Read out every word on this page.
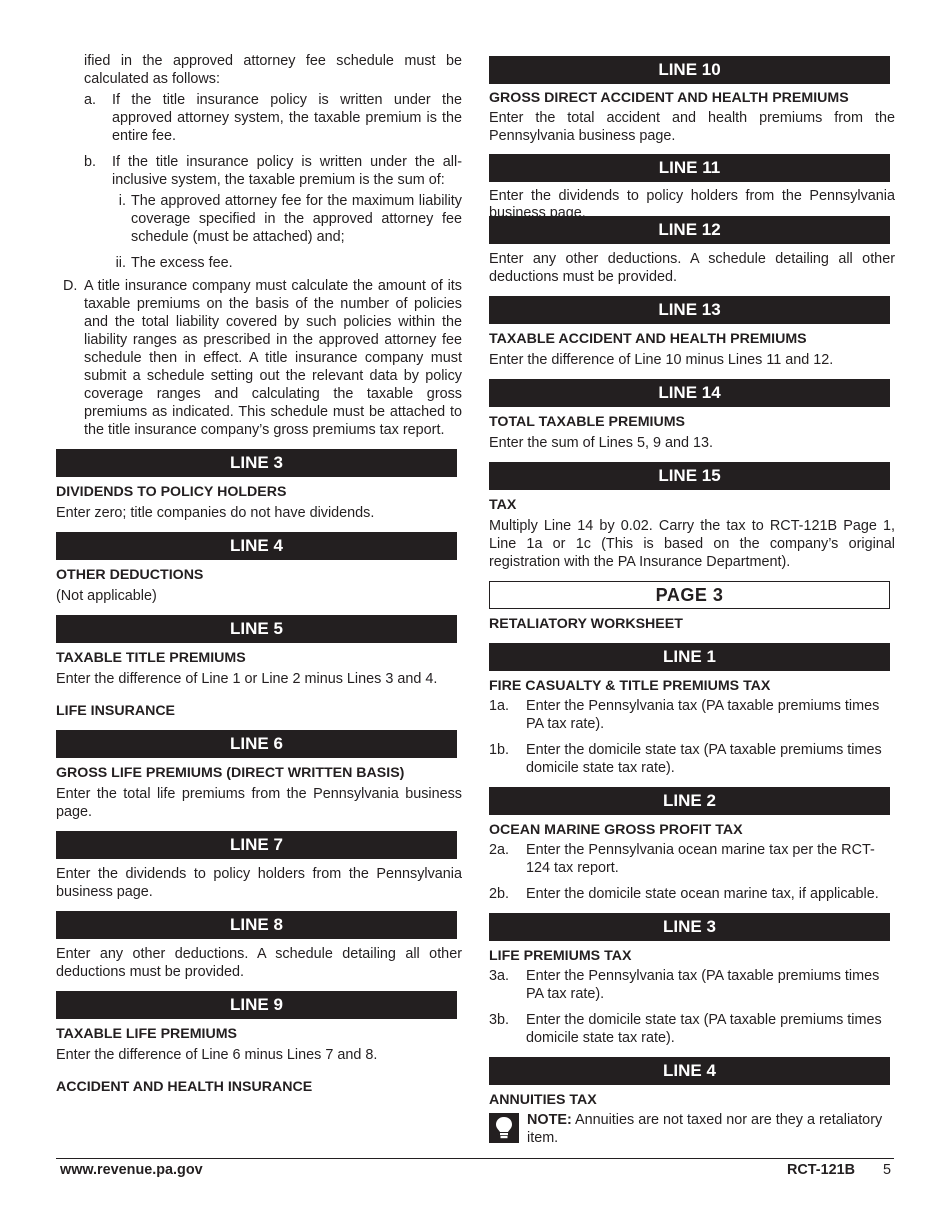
ified in the approved attorney fee schedule must be calculated as follows:

a.	If the title insurance policy is written under the approved attorney system, the taxable premium is the entire fee.
b.	If the title insurance policy is written under the all-inclusive system, the taxable premium is the sum of:
i. The approved attorney fee for the maximum liability coverage specified in the approved attorney fee schedule (must be attached) and;
ii. The excess fee.
D. A title insurance company must calculate the amount of its taxable premiums on the basis of the number of policies and the total liability covered by such policies within the liability ranges as prescribed in the approved attorney fee schedule then in effect. A title insurance company must submit a schedule setting out the relevant data by policy coverage ranges and calculating the taxable gross premiums as indicated. This schedule must be attached to the title insurance company’s gross premiums tax report.
LINE 3

DIVIDENDS TO POLICY HOLDERS

Enter zero; title companies do not have dividends.

LINE 4

OTHER DEDUCTIONS

(Not applicable)

LINE 5

TAXABLE TITLE PREMIUMS

Enter the difference of Line 1 or Line 2 minus Lines 3 and 4.

LIFE INSURANCE

LINE 6

GROSS LIFE PREMIUMS (DIRECT WRITTEN BASIS)

Enter the total life premiums from the Pennsylvania business page.

LINE 7

Enter the dividends to policy holders from the Pennsylvania business page.

LINE 8

Enter any other deductions. A schedule detailing all other deductions must be provided.

LINE 9

TAXABLE LIFE PREMIUMS

Enter the difference of Line 6 minus Lines 7 and 8.

ACCIDENT AND HEALTH INSURANCE

LINE 10

GROSS DIRECT ACCIDENT AND HEALTH PREMIUMS

Enter the total accident and health premiums from the Pennsylvania business page.

LINE 11

Enter the dividends to policy holders from the Pennsylvania business page.

LINE 12

Enter any other deductions. A schedule detailing all other deductions must be provided.

LINE 13

TAXABLE ACCIDENT AND HEALTH PREMIUMS

Enter the difference of Line 10 minus Lines 11 and 12.

LINE 14

TOTAL TAXABLE PREMIUMS

Enter the sum of Lines 5, 9 and 13.

LINE 15

TAX

Multiply Line 14 by 0.02. Carry the tax to RCT-121B Page 1, Line 1a or 1c (This is based on the company’s original registration with the PA Insurance Department).

PAGE 3

RETALIATORY WORKSHEET

LINE 1

FIRE CASUALTY & TITLE PREMIUMS TAX

1a.	Enter the Pennsylvania tax (PA taxable premiums times PA tax rate).
1b.	Enter the domicile state tax (PA taxable premiums times domicile state tax rate).
LINE 2

OCEAN MARINE GROSS PROFIT TAX

2a.	Enter the Pennsylvania ocean marine tax per the RCT-124 tax report.
2b.	Enter the domicile state ocean marine tax, if applicable.
LINE 3

LIFE PREMIUMS TAX

3a.	Enter the Pennsylvania tax (PA taxable premiums times PA tax rate).
3b.	Enter the domicile state tax (PA taxable premiums times domicile state tax rate).
LINE 4

ANNUITIES TAX

NOTE: Annuities are not taxed nor are they a retaliatory item.
www.revenue.pa.gov	RCT-121B 5
